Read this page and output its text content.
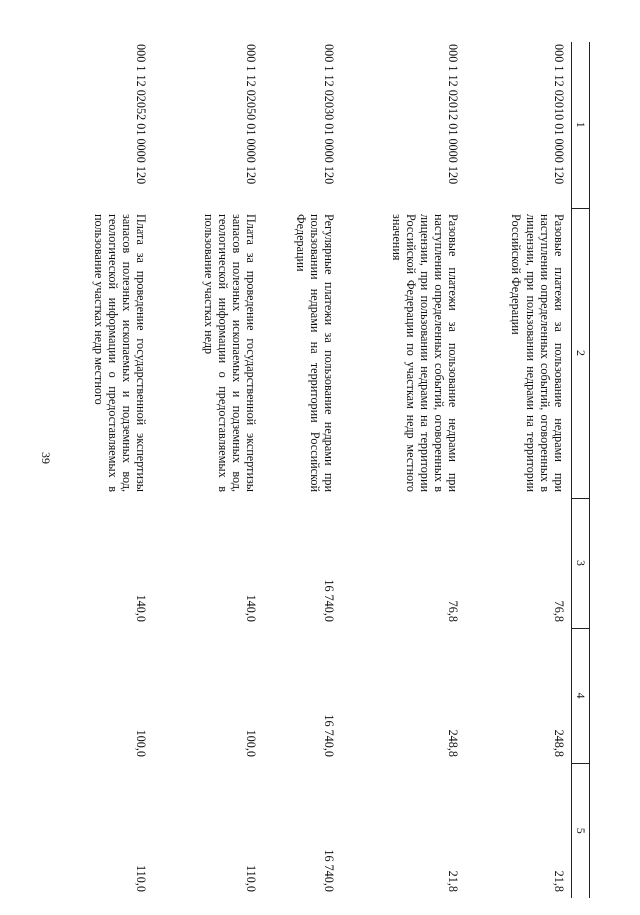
39
1	2	3	4	5
000 1 12 02010 01 0000 120	Разовые платежи за пользование недрами при наступлении определенных событий, оговоренных в лицензии, при пользовании недрами на территории Российской Федерации	76,8	248,8	21,8
000 1 12 02012 01 0000 120	Разовые платежи за пользование недрами при наступлении определенных событий, оговоренных в лицензии, при пользовании недрами на территории Российской Федерации по участкам недр местного значения	76,8	248,8	21,8
000 1 12 02030 01 0000 120	Регулярные платежи за пользование недрами при пользовании недрами на территории Российской Федерации	16 740,0	16 740,0	16 740,0
000 1 12 02050 01 0000 120	Плата за проведение государственной экспертизы запасов полезных ископаемых и подземных вод, геологической информации о предоставляемых в пользование участках недр	140,0	100,0	110,0
000 1 12 02052 01 0000 120	Плата за проведение государственной экспертизы запасов полезных ископаемых и подземных вод, геологической информации о предоставляемых в пользование участках недр местного	140,0	100,0	110,0
